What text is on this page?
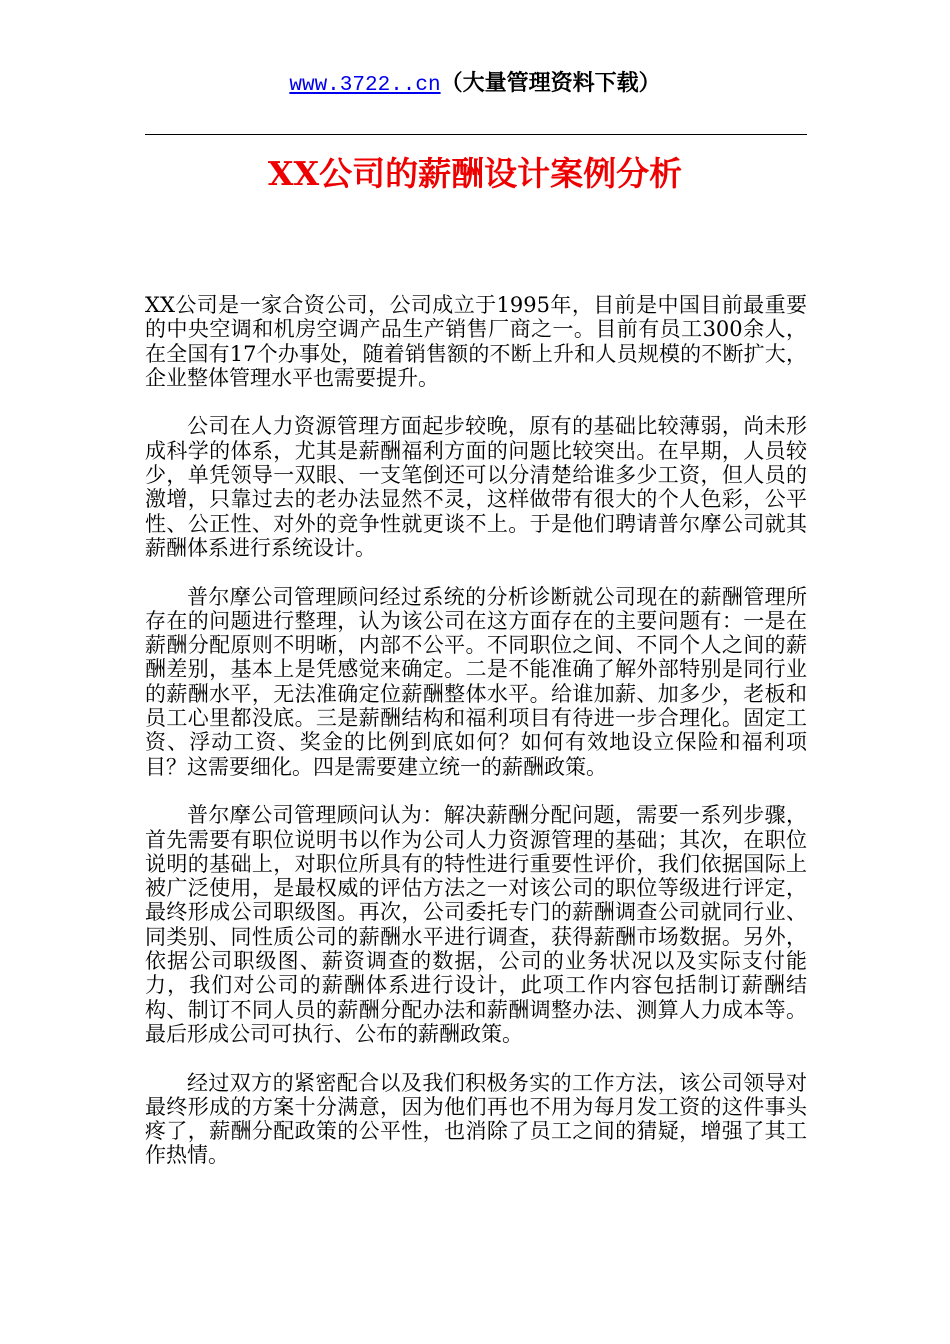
www.3722..cn（大量管理资料下载）
XX公司的薪酬设计案例分析

XX公司是一家合资公司，公司成立于1995年，目前是中国目前最重要的中央空调和机房空调产品生产销售厂商之一。目前有员工300余人，在全国有17个办事处，随着销售额的不断上升和人员规模的不断扩大，企业整体管理水平也需要提升。

公司在人力资源管理方面起步较晚，原有的基础比较薄弱，尚未形成科学的体系，尤其是薪酬福利方面的问题比较突出。在早期，人员较少，单凭领导一双眼、一支笔倒还可以分清楚给谁多少工资，但人员的激增，只靠过去的老办法显然不灵，这样做带有很大的个人色彩，公平性、公正性、对外的竞争性就更谈不上。于是他们聘请普尔摩公司就其薪酬体系进行系统设计。

普尔摩公司管理顾问经过系统的分析诊断就公司现在的薪酬管理所存在的问题进行整理，认为该公司在这方面存在的主要问题有：一是在薪酬分配原则不明晰，内部不公平。不同职位之间、不同个人之间的薪酬差别，基本上是凭感觉来确定。二是不能准确了解外部特别是同行业的薪酬水平，无法准确定位薪酬整体水平。给谁加薪、加多少，老板和员工心里都没底。三是薪酬结构和福利项目有待进一步合理化。固定工资、浮动工资、奖金的比例到底如何？如何有效地设立保险和福利项目？这需要细化。四是需要建立统一的薪酬政策。

普尔摩公司管理顾问认为：解决薪酬分配问题，需要一系列步骤，首先需要有职位说明书以作为公司人力资源管理的基础；其次，在职位说明的基础上，对职位所具有的特性进行重要性评价，我们依据国际上被广泛使用，是最权威的评估方法之一对该公司的职位等级进行评定，最终形成公司职级图。再次，公司委托专门的薪酬调查公司就同行业、同类别、同性质公司的薪酬水平进行调查，获得薪酬市场数据。另外，依据公司职级图、薪资调查的数据，公司的业务状况以及实际支付能力，我们对公司的薪酬体系进行设计，此项工作内容包括制订薪酬结构、制订不同人员的薪酬分配办法和薪酬调整办法、测算人力成本等。最后形成公司可执行、公布的薪酬政策。

经过双方的紧密配合以及我们积极务实的工作方法，该公司领导对最终形成的方案十分满意，因为他们再也不用为每月发工资的这件事头疼了，薪酬分配政策的公平性，也消除了员工之间的猜疑，增强了其工作热情。
